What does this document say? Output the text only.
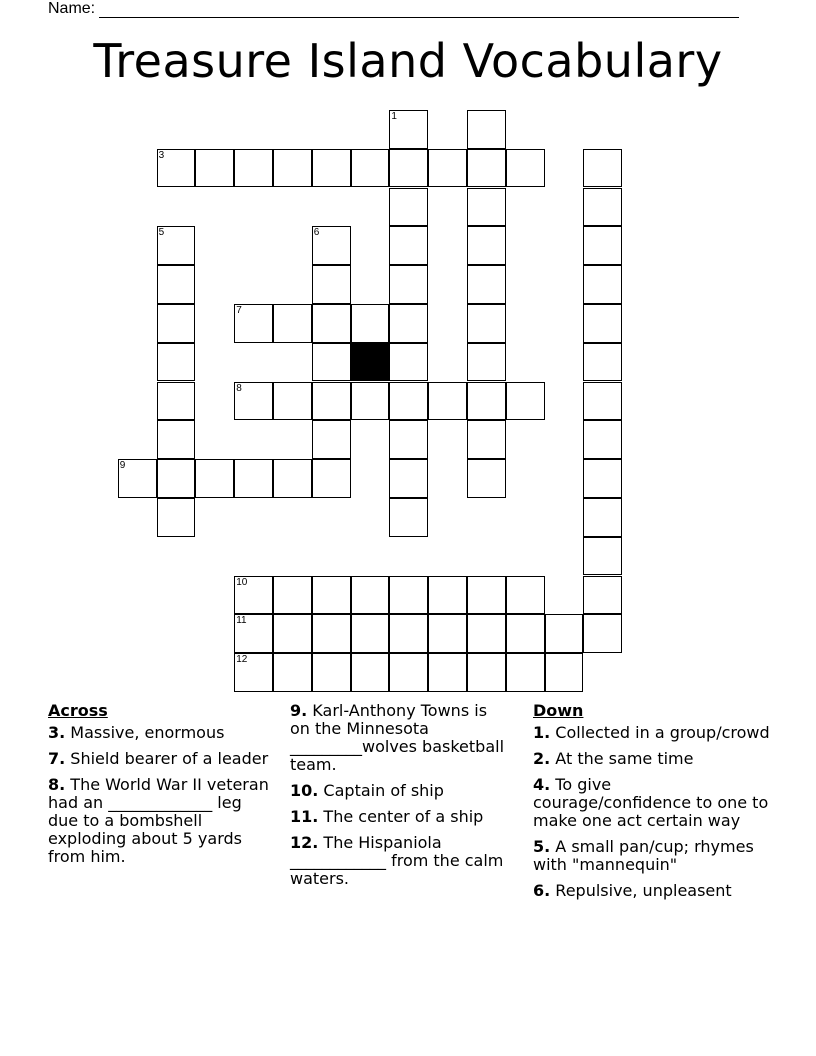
Name:
Treasure Island Vocabulary
1
3
5	6
7
8
9
10
11
12
Across
3. Massive, enormous
7. Shield bearer of a leader
8. The World War II veteran had an _____________ leg due to a bombshell exploding about 5 yards from him.
9. Karl-Anthony Towns is on the Minnesota _________wolves basketball team.
10. Captain of ship
11. The center of a ship
12. The Hispaniola ____________ from the calm waters.
Down
1. Collected in a group/crowd
2. At the same time
4. To give courage/confidence to one to make one act certain way
5. A small pan/cup; rhymes with "mannequin"
6. Repulsive, unpleasent
